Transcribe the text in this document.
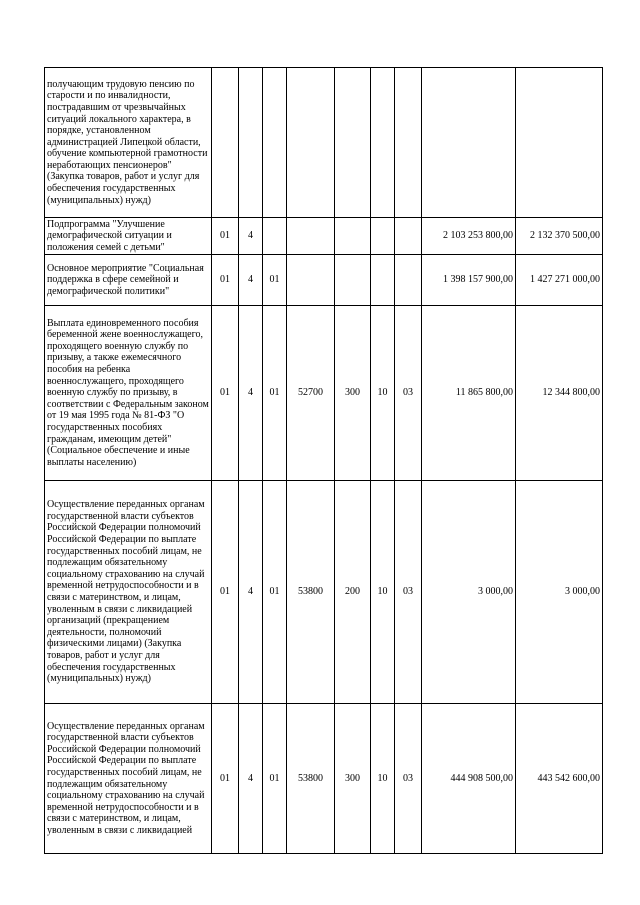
получающим трудовую пенсию по старости и по инвалидности, пострадавшим от чрезвычайных ситуаций локального характера, в порядке, установленном администрацией Липецкой области, обучение компьютерной грамотности неработающих пенсионеров" (Закупка товаров, работ и услуг для обеспечения государственных (муниципальных) нужд)									
Подпрограмма "Улучшение демографической ситуации и положения семей с детьми"	01	4						2 103 253 800,00	2 132 370 500,00
Основное мероприятие "Социальная поддержка в сфере семейной и демографической политики"	01	4	01					1 398 157 900,00	1 427 271 000,00
Выплата единовременного пособия беременной жене военнослужащего, проходящего военную службу по призыву, а также ежемесячного пособия на ребенка военнослужащего, проходящего военную службу по призыву, в соответствии с Федеральным законом от 19 мая 1995 года № 81-ФЗ "О государственных пособиях гражданам, имеющим детей" (Социальное обеспечение и иные выплаты населению)	01	4	01	52700	300	10	03	11 865 800,00	12 344 800,00
Осуществление переданных органам государственной власти субъектов Российской Федерации полномочий Российской Федерации по выплате государственных пособий лицам, не подлежащим обязательному социальному страхованию на случай временной нетрудоспособности и в связи с материнством, и лицам, уволенным в связи с ликвидацией организаций (прекращением деятельности, полномочий физическими лицами) (Закупка товаров, работ и услуг для обеспечения государственных (муниципальных) нужд)	01	4	01	53800	200	10	03	3 000,00	3 000,00
Осуществление переданных органам государственной власти субъектов Российской Федерации полномочий Российской Федерации по выплате государственных пособий лицам, не подлежащим обязательному социальному страхованию на случай временной нетрудоспособности и в связи с материнством, и лицам, уволенным в связи с ликвидацией	01	4	01	53800	300	10	03	444 908 500,00	443 542 600,00
